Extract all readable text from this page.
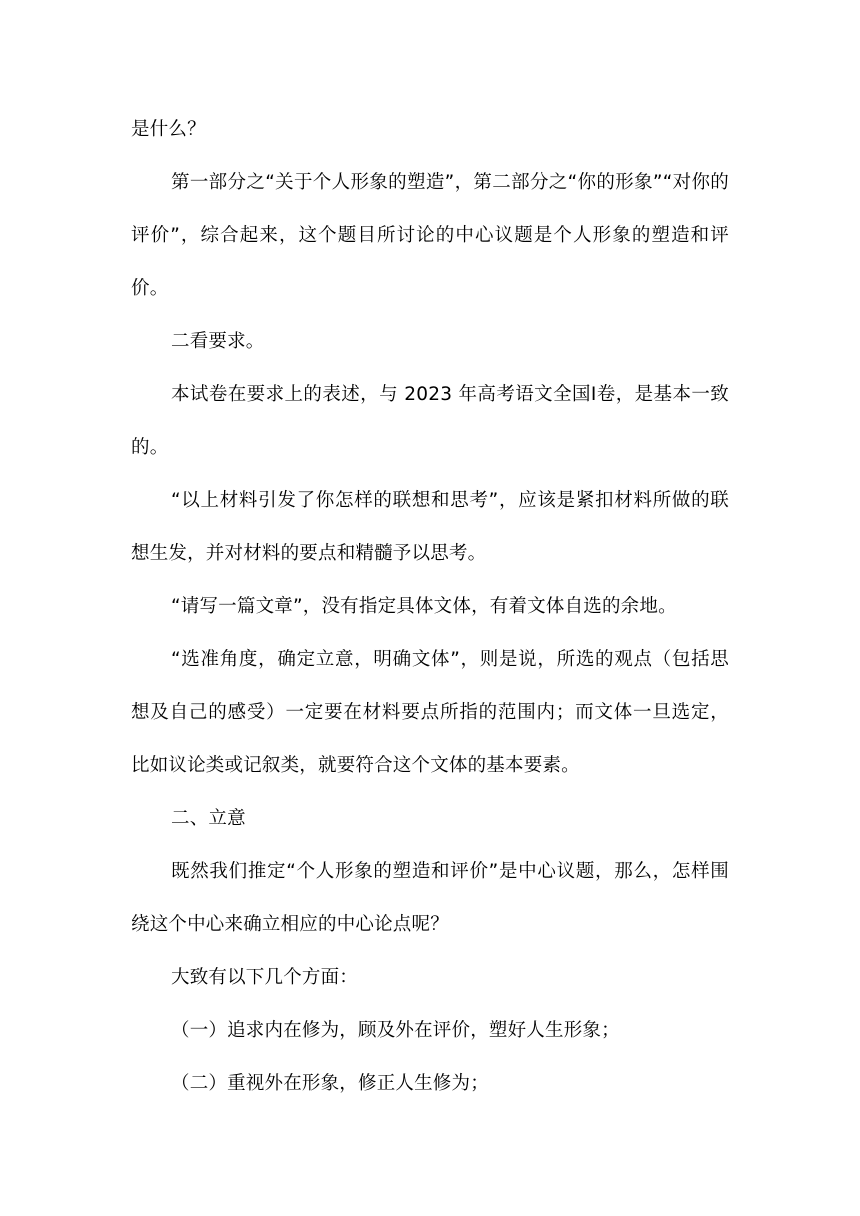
是什么？

第一部分之“关于个人形象的塑造”，第二部分之“你的形象”“对你的评价”，综合起来，这个题目所讨论的中心议题是个人形象的塑造和评价。

二看要求。

本试卷在要求上的表述，与 2023 年高考语文全国I卷，是基本一致的。

“以上材料引发了你怎样的联想和思考”，应该是紧扣材料所做的联想生发，并对材料的要点和精髓予以思考。

“请写一篇文章”，没有指定具体文体，有着文体自选的余地。

“选准角度，确定立意，明确文体”，则是说，所选的观点（包括思想及自己的感受）一定要在材料要点所指的范围内；而文体一旦选定，比如议论类或记叙类，就要符合这个文体的基本要素。

二、立意

既然我们推定“个人形象的塑造和评价”是中心议题，那么，怎样围绕这个中心来确立相应的中心论点呢？

大致有以下几个方面：

（一）追求内在修为，顾及外在评价，塑好人生形象；

（二）重视外在形象，修正人生修为；
